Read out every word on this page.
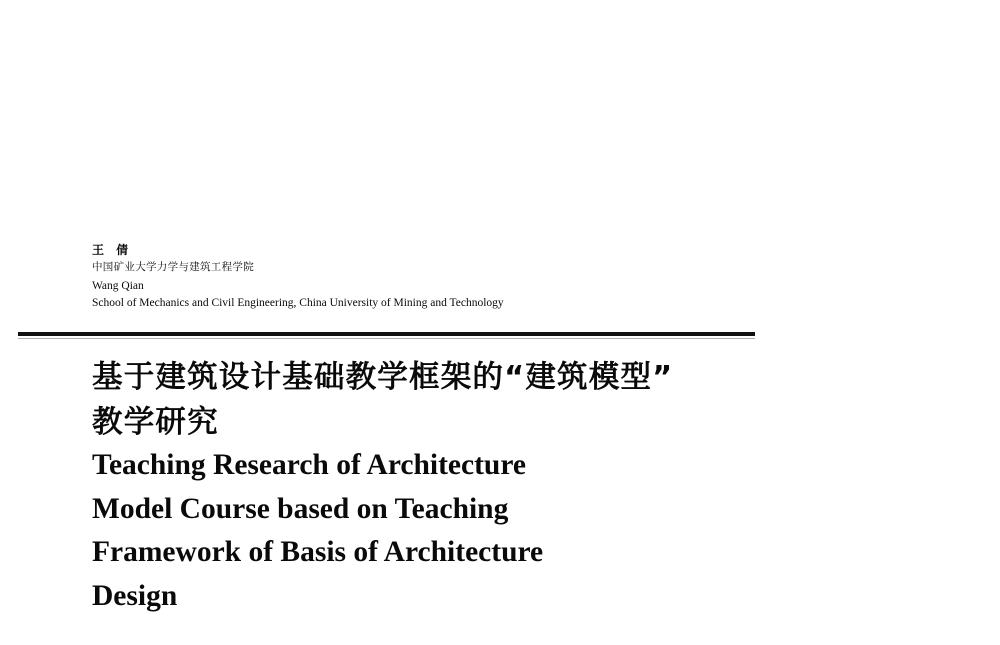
王 倩
中国矿业大学力学与建筑工程学院
Wang Qian
School of Mechanics and Civil Engineering, China University of Mining and Technology
基于建筑设计基础教学框架的“建筑模型”
教学研究
Teaching Research of Architecture
Model Course based on Teaching
Framework of Basis of Architecture
Design
